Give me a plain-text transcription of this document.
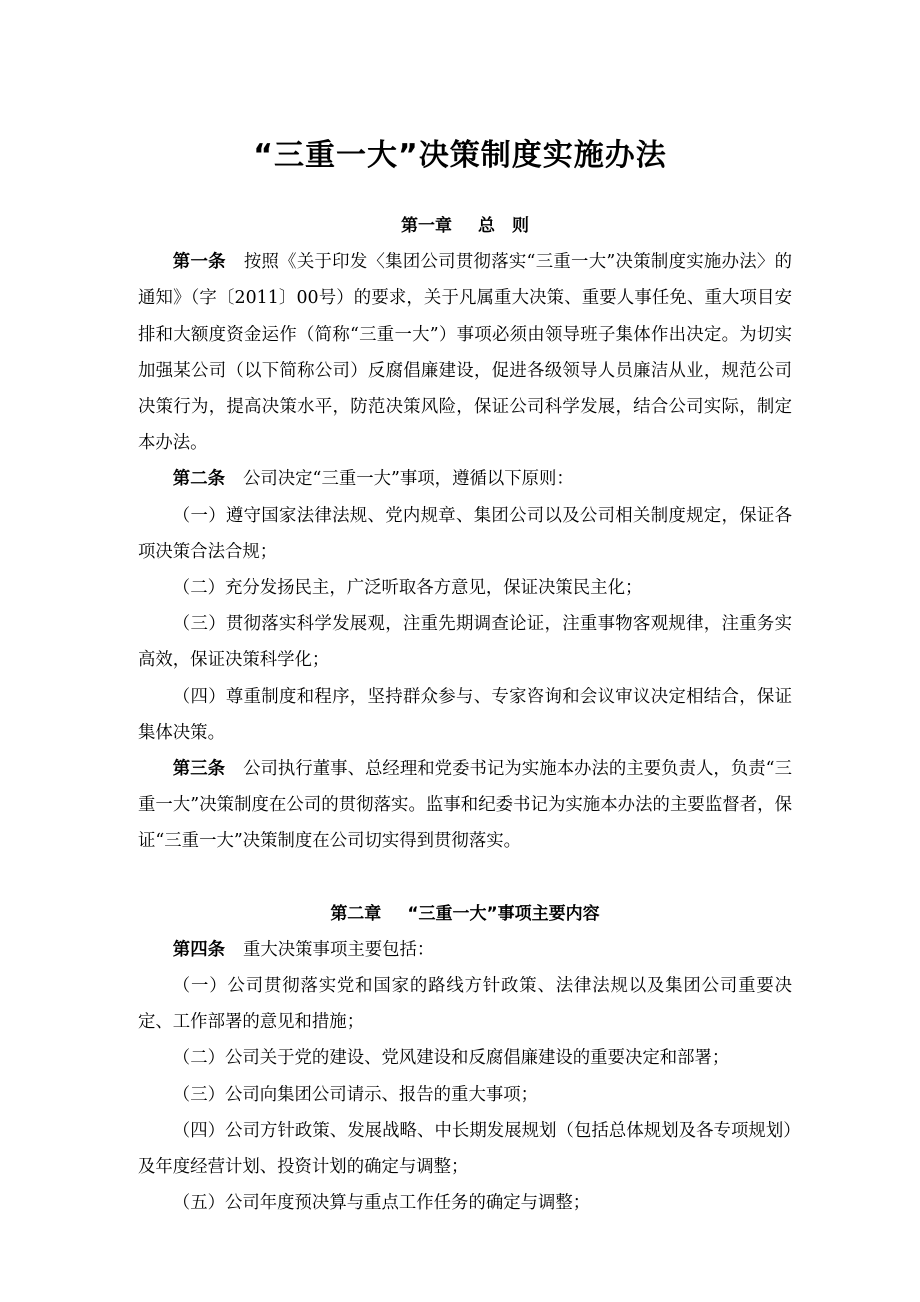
“三重一大”决策制度实施办法

第一章 总　则

第一条 按照《关于印发〈集团公司贯彻落实“三重一大”决策制度实施办法〉的通知》（字〔2011〕00号）的要求，关于凡属重大决策、重要人事任免、重大项目安排和大额度资金运作（简称“三重一大”）事项必须由领导班子集体作出决定。为切实加强某公司（以下简称公司）反腐倡廉建设，促进各级领导人员廉洁从业，规范公司决策行为，提高决策水平，防范决策风险，保证公司科学发展，结合公司实际，制定本办法。

第二条 公司决定“三重一大”事项，遵循以下原则：

（一）遵守国家法律法规、党内规章、集团公司以及公司相关制度规定，保证各项决策合法合规；

（二）充分发扬民主，广泛听取各方意见，保证决策民主化；

（三）贯彻落实科学发展观，注重先期调查论证，注重事物客观规律，注重务实高效，保证决策科学化；

（四）尊重制度和程序，坚持群众参与、专家咨询和会议审议决定相结合，保证集体决策。

第三条 公司执行董事、总经理和党委书记为实施本办法的主要负责人，负责“三重一大”决策制度在公司的贯彻落实。监事和纪委书记为实施本办法的主要监督者，保证“三重一大”决策制度在公司切实得到贯彻落实。

第二章 “三重一大”事项主要内容

第四条 重大决策事项主要包括：

（一）公司贯彻落实党和国家的路线方针政策、法律法规以及集团公司重要决定、工作部署的意见和措施；

（二）公司关于党的建设、党风建设和反腐倡廉建设的重要决定和部署；

（三）公司向集团公司请示、报告的重大事项；

（四）公司方针政策、发展战略、中长期发展规划（包括总体规划及各专项规划）及年度经营计划、投资计划的确定与调整；

（五）公司年度预决算与重点工作任务的确定与调整；
